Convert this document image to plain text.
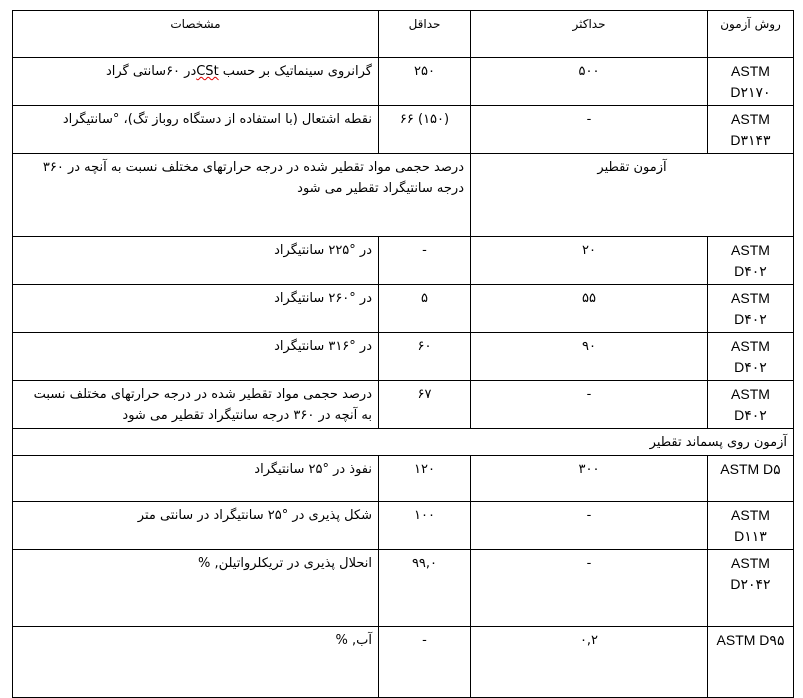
روش آزمون	حداکثر	حداقل	مشخصات
ASTM D۲۱۷۰	۵۰۰	۲۵۰	گرانروی سینماتیک بر حسب CStدر ۶۰سانتی گراد
ASTM D۳۱۴۳	-	(۱۵۰) ۶۶	نقطه اشتعال (با استفاده از دستگاه روباز تگ)، °سانتیگراد
آزمون تقطیر		درصد حجمی مواد تقطیر شده در درجه حرارتهای مختلف نسبت به آنچه در ۳۶۰ درجه سانتیگراد تقطیر می شود	
ASTM D۴۰۲	۲۰	-	در °۲۲۵ سانتیگراد
ASTM D۴۰۲	۵۵	۵	در °۲۶۰ سانتیگراد
ASTM D۴۰۲	۹۰	۶۰	در °۳۱۶ سانتیگراد
ASTM D۴۰۲	-	۶۷	درصد حجمی مواد تقطیر شده در درجه حرارتهای مختلف نسبت به آنچه در ۳۶۰ درجه سانتیگراد تقطیر می شود
آزمون روی پسماند تقطیر			
ASTM D۵	۳۰۰	۱۲۰	نفوذ در °۲۵ سانتیگراد
ASTM D۱۱۳	-	۱۰۰	شکل پذیری در °۲۵ سانتیگراد در سانتی متر
ASTM D۲۰۴۲	-	۹۹,۰	انحلال پذیری در تریکلرواتیلن, %
ASTM D۹۵	۰,۲	-	آب, %
